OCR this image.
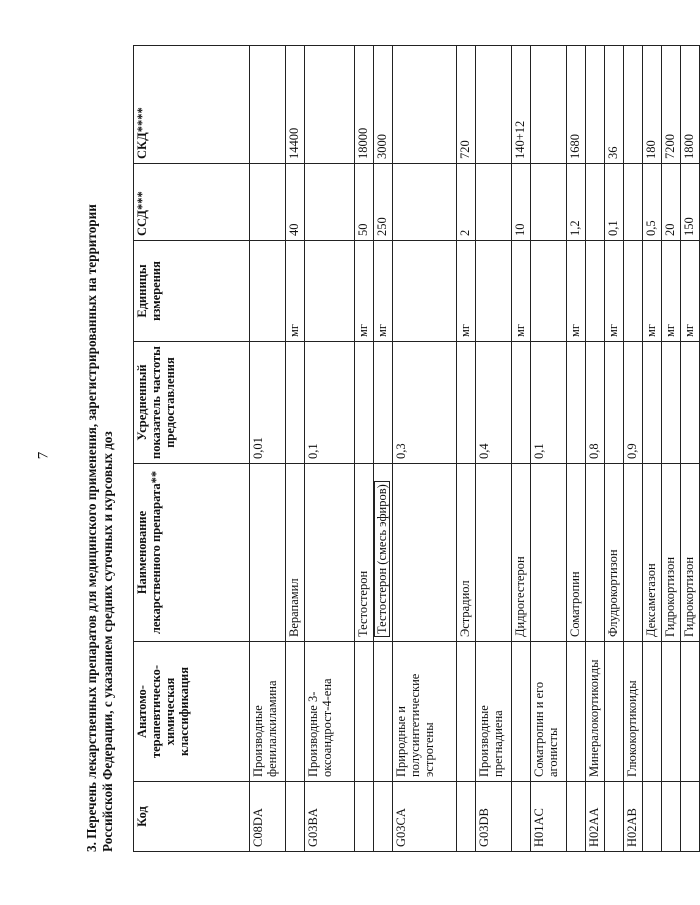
7 3. Перечень лекарственных препаратов для медицинского применения, зарегистрированных на территории Российской Федерации, с указанием средних суточных и курсовых доз Код	Анатомо-терапевтическо-химическая классификация	Наименование лекарственного препарата**	Усредненный показатель частоты предоставления	Единицы измерения	ССД***	СКД****
C08DA	Производные фенилалкиламина		0,01			
		Верапамил		мг	40	14400
G03BA	Производные 3-оксоандрост-4-ена		0,1			
		Тестостерон		мг	50	18000
		Тестостерон (смесь эфиров)		мг	250	3000
G03CA	Природные и полусинтетические эстрогены		0,3			
		Эстрадиол		мг	2	720
G03DB	Производные прегнадиена		0,4			
		Дидрогестерон		мг	10	140+12
H01AC	Соматропин и его агонисты		0,1			
		Соматропин		мг	1,2	1680
H02AA	Минералокортикоиды		0,8			
		Флудрокортизон		мг	0,1	36
H02AB	Глюкокортикоиды		0,9			
		Дексаметазон		мг	0,5	180
		Гидрокортизон		мг	20	7200
		Гидрокортизон		мг	150	1800
